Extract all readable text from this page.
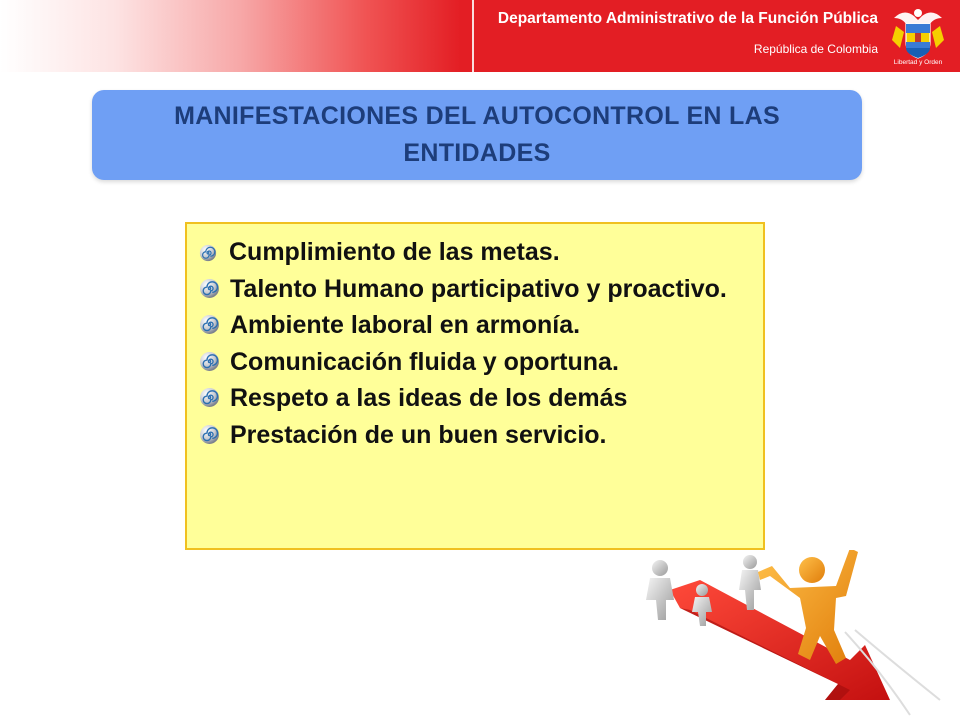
Departamento Administrativo de la Función Pública
República de Colombia
Libertad y Orden
MANIFESTACIONES DEL AUTOCONTROL EN LAS ENTIDADES
Cumplimiento de las metas.
Talento Humano participativo y proactivo.
Ambiente laboral en armonía.
Comunicación fluida y oportuna.
Respeto a las ideas de los demás
Prestación de un buen servicio.
